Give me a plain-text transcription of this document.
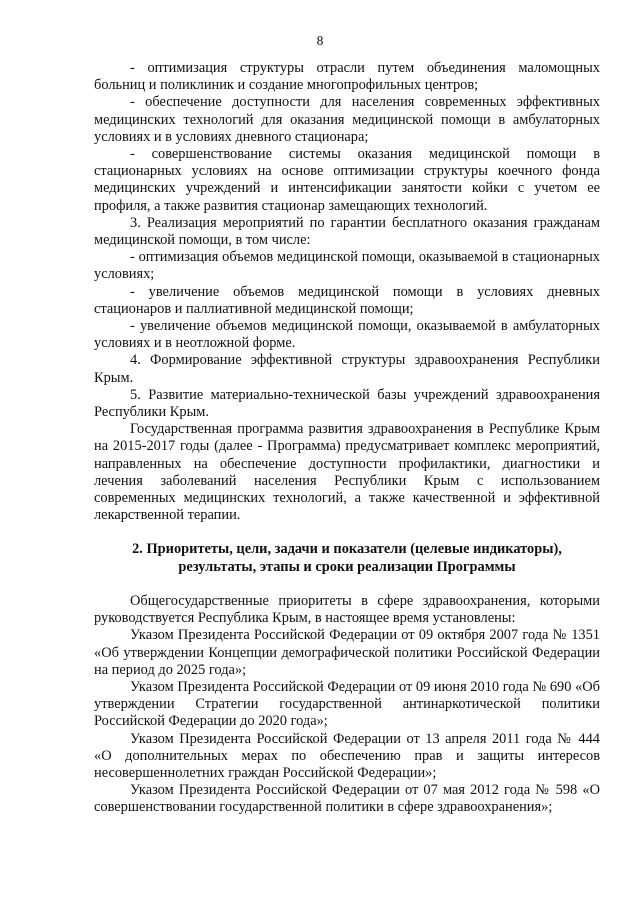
8

- оптимизация структуры отрасли путем объединения маломощных больниц и поликлиник и создание многопрофильных центров;

- обеспечение доступности для населения современных эффективных медицинских технологий для оказания медицинской помощи в амбулаторных условиях и в условиях дневного стационара;

- совершенствование системы оказания медицинской помощи в стационарных условиях на основе оптимизации структуры коечного фонда медицинских учреждений и интенсификации занятости койки с учетом ее профиля, а также развития стационар замещающих технологий.

3. Реализация мероприятий по гарантии бесплатного оказания гражданам медицинской помощи, в том числе:

- оптимизация объемов медицинской помощи, оказываемой в стационарных условиях;

- увеличение объемов медицинской помощи в условиях дневных стационаров и паллиативной медицинской помощи;

- увеличение объемов медицинской помощи, оказываемой в амбулаторных условиях и в неотложной форме.

4. Формирование эффективной структуры здравоохранения Республики Крым.

5. Развитие материально-технической базы учреждений здравоохранения Республики Крым.

Государственная программа развития здравоохранения в Республике Крым на 2015-2017 годы (далее - Программа) предусматривает комплекс мероприятий, направленных на обеспечение доступности профилактики, диагностики и лечения заболеваний населения Республики Крым с использованием современных медицинских технологий, а также качественной и эффективной лекарственной терапии.

2. Приоритеты, цели, задачи и показатели (целевые индикаторы), результаты, этапы и сроки реализации Программы

Общегосударственные приоритеты в сфере здравоохранения, которыми руководствуется Республика Крым, в настоящее время установлены:

Указом Президента Российской Федерации от 09 октября 2007 года № 1351 «Об утверждении Концепции демографической политики Российской Федерации на период до 2025 года»;

Указом Президента Российской Федерации от 09 июня 2010 года № 690 «Об утверждении Стратегии государственной антинаркотической политики Российской Федерации до 2020 года»;

Указом Президента Российской Федерации от 13 апреля 2011 года № 444 «О дополнительных мерах по обеспечению прав и защиты интересов несовершеннолетних граждан Российской Федерации»;

Указом Президента Российской Федерации от 07 мая 2012 года № 598 «О совершенствовании государственной политики в сфере здравоохранения»;
